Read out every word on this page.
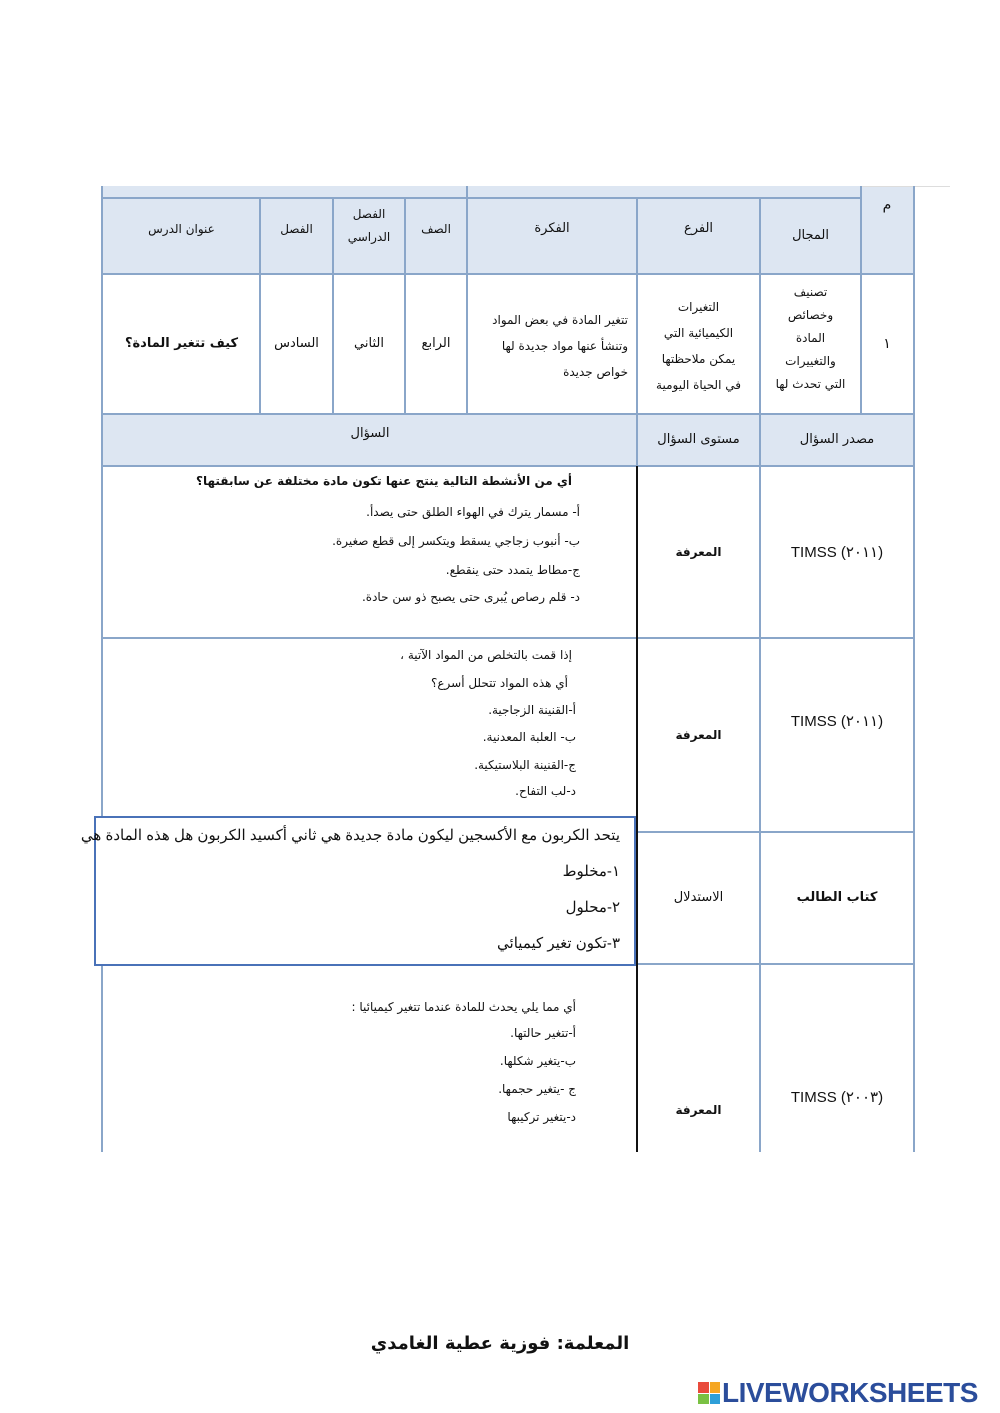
م
المجال
الفرع
الفكرة
الصف
الفصل
الدراسي
الفصل
عنوان الدرس
١
تصنيف
وخصائص
المادة
والتغييرات
التي تحدث لها
التغيرات
الكيميائية التي
يمكن ملاحظتها
في الحياة اليومية
تتغير المادة في بعض المواد
وتنشأ عنها مواد جديدة لها
خواص جديدة
الرابع
الثاني
السادس
كيف تتغير المادة؟
مصدر السؤال
مستوى السؤال
السؤال
TIMSS (٢٠١١)
المعرفة
أي من الأنشطة التالية ينتج عنها تكون مادة مختلفة عن سابقتها؟
أ- مسمار يترك في الهواء الطلق حتى يصدأ.
ب- أنبوب زجاجي يسقط ويتكسر إلى قطع صغيرة.
ج-مطاط يتمدد حتى ينقطع.
د- قلم رصاص يُبرى حتى يصبح ذو سن حادة.
TIMSS (٢٠١١)
المعرفة
إذا قمت بالتخلص من المواد الآتية ،
أي هذه المواد تتحلل أسرع؟
أ-القنينة الزجاجية.
ب- العلبة المعدنية.
ج-القنينة البلاستيكية.
د-لب التفاح.
كتاب الطالب
الاستدلال
يتحد الكربون مع الأكسجين ليكون مادة جديدة هي ثاني أكسيد الكربون هل هذه المادة هي
١-مخلوط
٢-محلول
٣-تكون تغير كيميائي
TIMSS (٢٠٠٣)
المعرفة
أي مما يلي يحدث للمادة عندما تتغير كيميائيا :
أ-تتغير حالتها.
ب-يتغير شكلها.
ج -يتغير حجمها.
د-يتغير تركيبها
المعلمة: فوزية عطية الغامدي
LIVEWORKSHEETS
